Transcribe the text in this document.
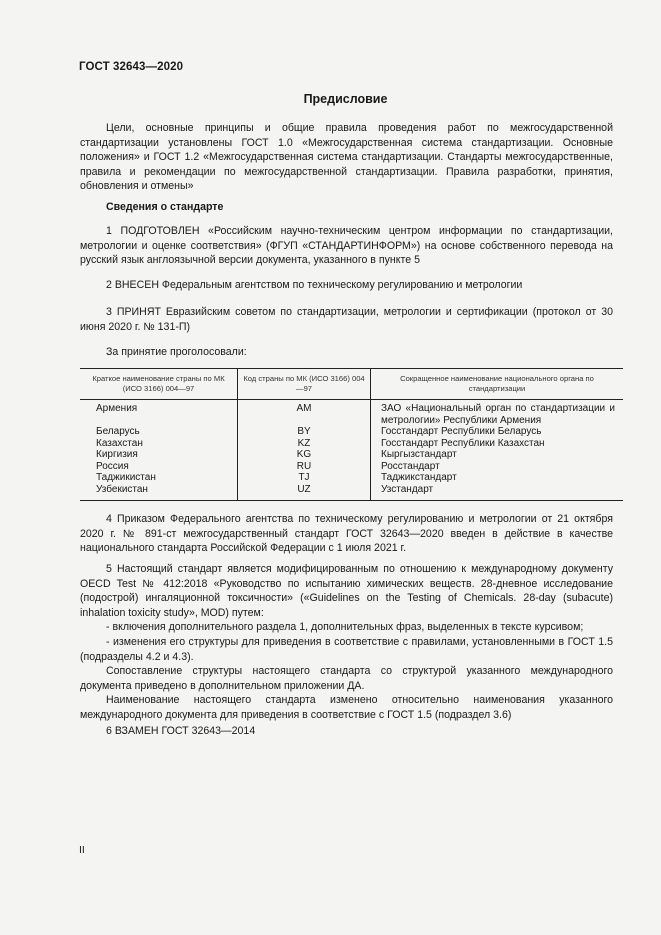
ГОСТ 32643—2020
Предисловие
Цели, основные принципы и общие правила проведения работ по межгосударственной стандартизации установлены ГОСТ 1.0 «Межгосударственная система стандартизации. Основные положения» и ГОСТ 1.2 «Межгосударственная система стандартизации. Стандарты межгосударственные, правила и рекомендации по межгосударственной стандартизации. Правила разработки, принятия, обновления и отмены»
Сведения о стандарте
1 ПОДГОТОВЛЕН «Российским научно-техническим центром информации по стандартизации, метрологии и оценке соответствия» (ФГУП «СТАНДАРТИНФОРМ») на основе собственного перевода на русский язык англоязычной версии документа, указанного в пункте 5
2 ВНЕСЕН Федеральным агентством по техническому регулированию и метрологии
3 ПРИНЯТ Евразийским советом по стандартизации, метрологии и сертификации (протокол от 30 июня 2020 г. № 131-П)
За принятие проголосовали:
Краткое наименование страны по МК (ИСО 3166) 004—97	Код страны по МК (ИСО 3166) 004—97	Сокращенное наименование национального органа по стандартизации
Армения	AM	ЗАО «Национальный орган по стандартизации и метрологии» Республики Армения
Беларусь	BY	Госстандарт Республики Беларусь
Казахстан	KZ	Госстандарт Республики Казахстан
Киргизия	KG	Кыргызстандарт
Россия	RU	Росстандарт
Таджикистан	TJ	Таджикстандарт
Узбекистан	UZ	Узстандарт
4 Приказом Федерального агентства по техническому регулированию и метрологии от 21 октября 2020 г. № 891-ст межгосударственный стандарт ГОСТ 32643—2020 введен в действие в качестве национального стандарта Российской Федерации с 1 июля 2021 г.
5 Настоящий стандарт является модифицированным по отношению к международному документу OECD Test № 412:2018 «Руководство по испытанию химических веществ. 28-дневное исследование (подострой) ингаляционной токсичности» («Guidelines on the Testing of Chemicals. 28-day (subacute) inhalation toxicity study», MOD) путем:
- включения дополнительного раздела 1, дополнительных фраз, выделенных в тексте курсивом;
- изменения его структуры для приведения в соответствие с правилами, установленными в ГОСТ 1.5 (подразделы 4.2 и 4.3).
Сопоставление структуры настоящего стандарта со структурой указанного международного документа приведено в дополнительном приложении ДА.
Наименование настоящего стандарта изменено относительно наименования указанного международного документа для приведения в соответствие с ГОСТ 1.5 (подраздел 3.6)
6 ВЗАМЕН ГОСТ 32643—2014
II
